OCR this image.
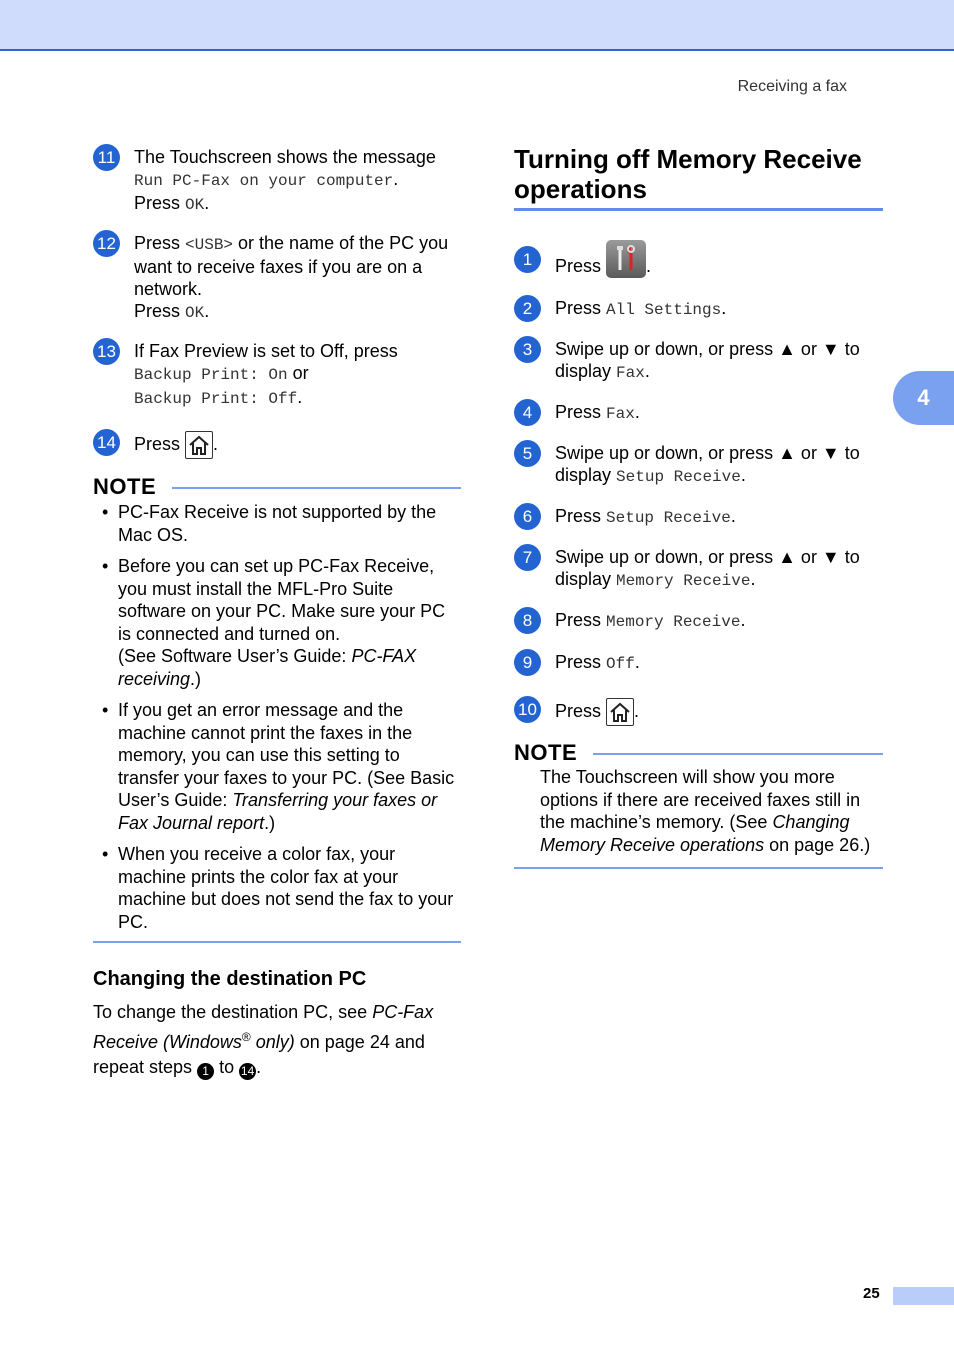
Receiving a fax
4
11 The Touchscreen shows the message
Run PC-Fax on your computer.
Press OK.
12 Press <USB> or the name of the PC you want to receive faxes if you are on a network.
Press OK.
13 If Fax Preview is set to Off, press
Backup Print: On or
Backup Print: Off.
14 Press .
NOTE
• PC-Fax Receive is not supported by the Mac OS.
• Before you can set up PC-Fax Receive, you must install the MFL-Pro Suite software on your PC. Make sure your PC is connected and turned on.
(See Software User’s Guide: PC-FAX receiving.)
• If you get an error message and the machine cannot print the faxes in the memory, you can use this setting to transfer your faxes to your PC. (See Basic User’s Guide: Transferring your faxes or Fax Journal report.)
• When you receive a color fax, your machine prints the color fax at your machine but does not send the fax to your PC.
Changing the destination PC
To change the destination PC, see PC-Fax Receive (Windows® only) on page 24 and repeat steps 1 to 14 .
Turning off Memory Receive operations
1	Press .
2	Press All Settings.
3	Swipe up or down, or press ▲ or ▼ to display Fax.
4	Press Fax.
5	Swipe up or down, or press ▲ or ▼ to display Setup Receive.
6	Press Setup Receive.
7	Swipe up or down, or press ▲ or ▼ to display Memory Receive.
8	Press Memory Receive.
9	Press Off.
10 Press .
NOTE
The Touchscreen will show you more options if there are received faxes still in the machine’s memory. (See Changing Memory Receive operations on page 26.)
25
